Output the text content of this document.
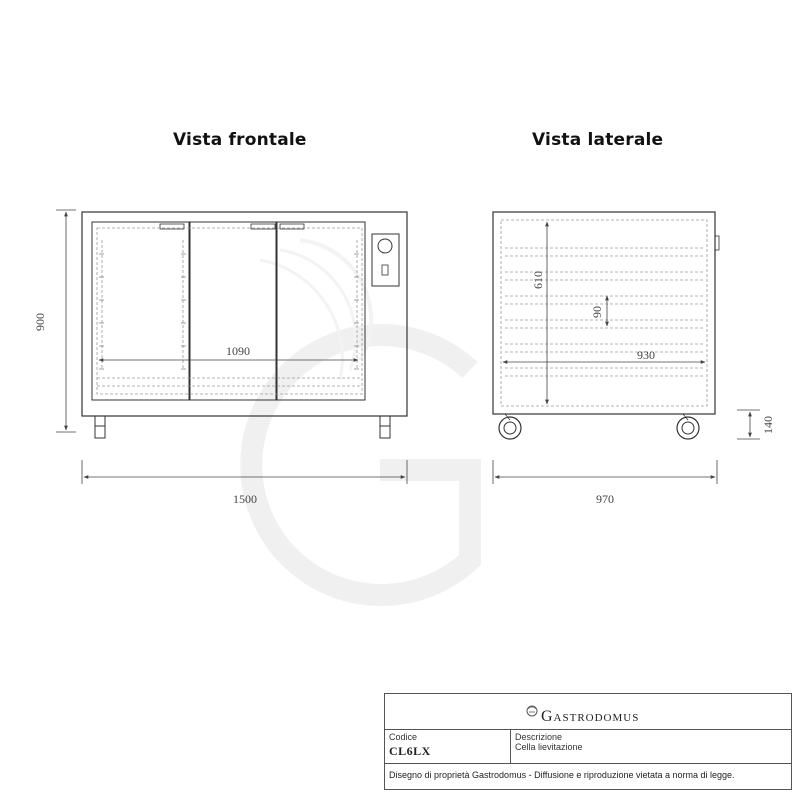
Vista frontale	Vista laterale
900
1500
1090
970
930
610
90
140
Gastrodomus
Codice
CL6LX
Descrizione
Cella lievitazione
Disegno di proprietà Gastrodomus - Diffusione e riproduzione vietata a norma di legge.
